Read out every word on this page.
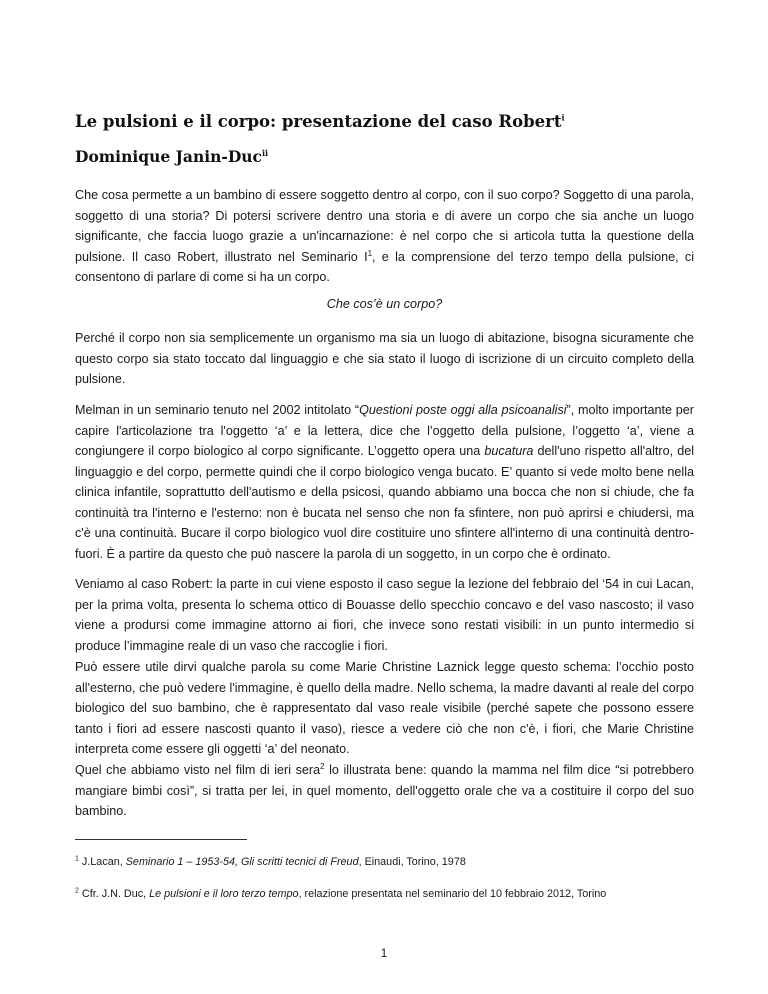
Le pulsioni e il corpo: presentazione del caso Robert$^i$
Dominique Janin-Duc$^{ii}$

Che cosa permette a un bambino di essere soggetto dentro al corpo, con il suo corpo? Soggetto di una parola, soggetto di una storia? Di potersi scrivere dentro una storia e di avere un corpo che sia anche un luogo significante, che faccia luogo grazie a un'incarnazione: è nel corpo che si articola tutta la questione della pulsione. Il caso Robert, illustrato nel Seminario $I^1$, e la comprensione del terzo tempo della pulsione, ci consentono di parlare di come si ha un corpo.

Che cos’è un corpo?

Perché il corpo non sia semplicemente un organismo ma sia un luogo di abitazione, bisogna sicuramente che questo corpo sia stato toccato dal linguaggio e che sia stato il luogo di iscrizione di un circuito completo della pulsione.

Melman in un seminario tenuto nel 2002 intitolato “Questioni poste oggi alla psicoanalisi”, molto importante per capire l'articolazione tra l'oggetto ‘a’ e la lettera, dice che l’oggetto della pulsione, l’oggetto ‘a’, viene a congiungere il corpo biologico al corpo significante. L’oggetto opera una bucatura dell'uno rispetto all'altro, del linguaggio e del corpo, permette quindi che il corpo biologico venga bucato. E’ quanto si vede molto bene nella clinica infantile, soprattutto dell'autismo e della psicosi, quando abbiamo una bocca che non si chiude, che fa continuità tra l'interno e l'esterno: non è bucata nel senso che non fa sfintere, non può aprirsi e chiudersi, ma c'è una continuità. Bucare il corpo biologico vuol dire costituire uno sfintere all'interno di una continuità dentro-fuori. È a partire da questo che può nascere la parola di un soggetto, in un corpo che è ordinato.

Veniamo al caso Robert: la parte in cui viene esposto il caso segue la lezione del febbraio del ‘54 in cui Lacan, per la prima volta, presenta lo schema ottico di Bouasse dello specchio concavo e del vaso nascosto; il vaso viene a prodursi come immagine attorno ai fiori, che invece sono restati visibili: in un punto intermedio si produce l’immagine reale di un vaso che raccoglie i fiori.

Può essere utile dirvi qualche parola su come Marie Christine Laznick legge questo schema: l’occhio posto all'esterno, che può vedere l'immagine, è quello della madre. Nello schema, la madre davanti al reale del corpo biologico del suo bambino, che è rappresentato dal vaso reale visibile (perché sapete che possono essere tanto i fiori ad essere nascosti quanto il vaso), riesce a vedere ciò che non c'è, i fiori, che Marie Christine interpreta come essere gli oggetti ‘a’ del neonato.

Quel che abbiamo visto nel film di ieri sera$^2$ lo illustrata bene: quando la mamma nel film dice “si potrebbero mangiare bimbi così”, si tratta per lei, in quel momento, dell'oggetto orale che va a costituire il corpo del suo bambino.

$^1$ J.Lacan, Seminario 1 – 1953-54, Gli scritti tecnici di Freud, Einaudi, Torino, 1978
$^2$ Cfr. J.N. Duc, Le pulsioni e il loro terzo tempo, relazione presentata nel seminario del 10 febbraio 2012, Torino
1
